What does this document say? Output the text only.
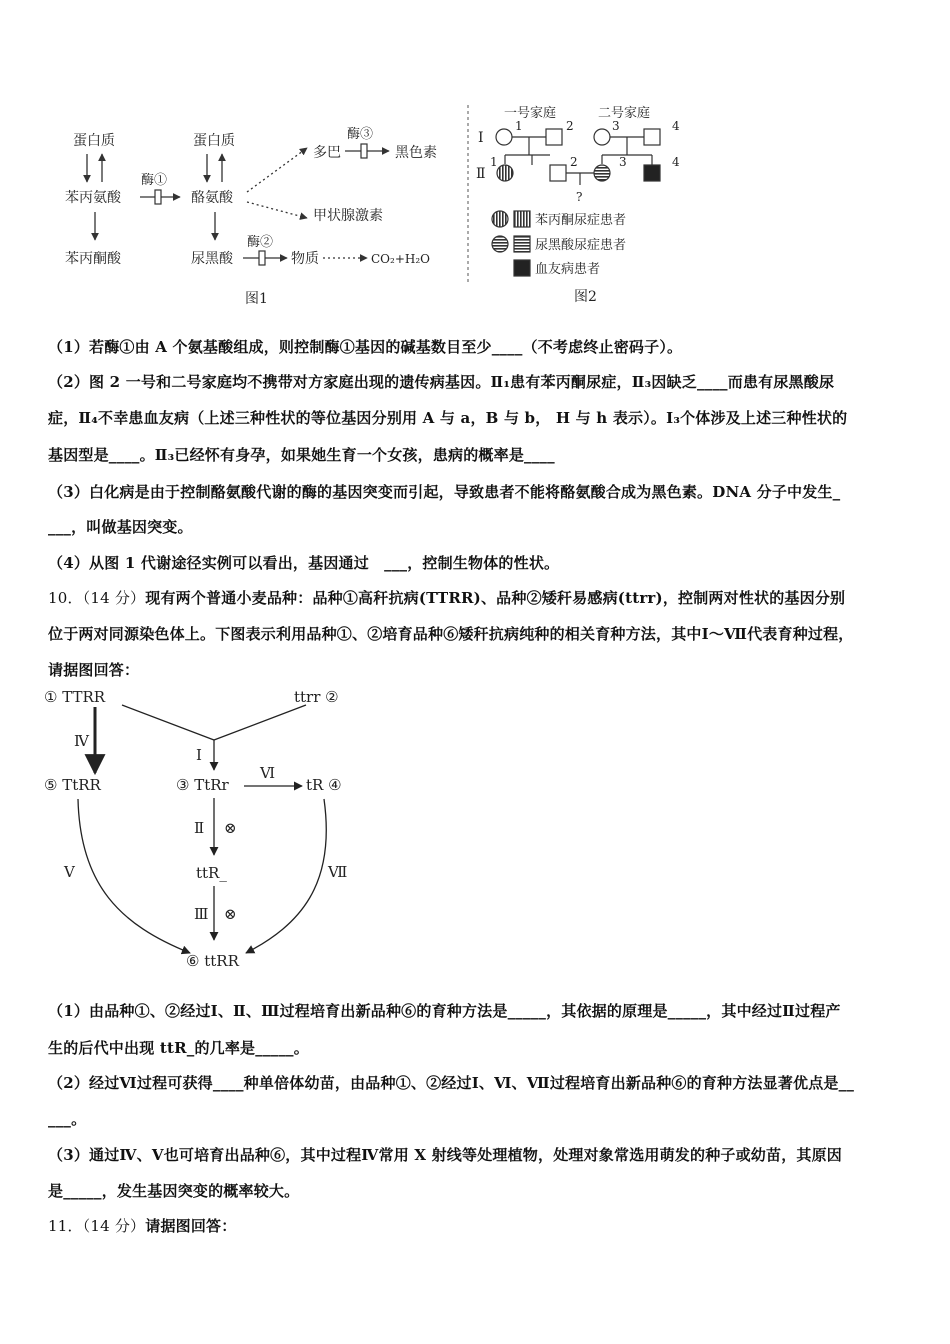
蛋白质
苯丙氨酸
苯丙酮酸
酶①
蛋白质
酪氨酸
尿黑酸
酶②
物质	CO₂+H₂O
多巴
酶③
黑色素
甲状腺激素
图1
一号家庭	二号家庭
Ⅰ
1	2	3	4
Ⅱ
1	2	3
?
4
苯丙酮尿症患者
尿黑酸尿症患者
血友病患者
图2
（1）若酶①由 A 个氨基酸组成，则控制酶①基因的碱基数目至少____（不考虑终止密码子）。
（2）图 2 一号和二号家庭均不携带对方家庭出现的遗传病基因。Ⅱ₁患有苯丙酮尿症，Ⅱ₃因缺乏____而患有尿黑酸尿
症，Ⅱ₄不幸患血友病（上述三种性状的等位基因分别用 A 与 a，B 与 b， H 与 h 表示）。I₃个体涉及上述三种性状的
基因型是____。Ⅱ₃已经怀有身孕，如果她生育一个女孩，患病的概率是____
（3）白化病是由于控制酪氨酸代谢的酶的基因突变而引起，导致患者不能将酪氨酸合成为黑色素。DNA 分子中发生_
___，叫做基因突变。
（4）从图 1 代谢途径实例可以看出，基因通过　___，控制生物体的性状。
10．（14 分）现有两个普通小麦品种：品种①高秆抗病(TTRR)、品种②矮秆易感病(ttrr)，控制两对性状的基因分别
位于两对同源染色体上。下图表示利用品种①、②培育品种⑥矮秆抗病纯种的相关育种方法，其中Ⅰ～Ⅶ代表育种过程，
请据图回答：
① TTRR	ttrr ②
Ⅰ
Ⅳ
⑤ TtRR	③ TtRr
Ⅵ
tR ④
Ⅱ ⊗
ttR_
Ⅲ ⊗
Ⅴ	Ⅶ
⑥ ttRR
（1）由品种①、②经过Ⅰ、Ⅱ、Ⅲ过程培育出新品种⑥的育种方法是_____，其依据的原理是_____，其中经过Ⅱ过程产
生的后代中出现 ttR_的几率是_____。
（2）经过Ⅵ过程可获得____种单倍体幼苗，由品种①、②经过Ⅰ、Ⅵ、Ⅶ过程培育出新品种⑥的育种方法显著优点是__
___。
（3）通过Ⅳ、Ⅴ也可培育出品种⑥，其中过程Ⅳ常用 X 射线等处理植物，处理对象常选用萌发的种子或幼苗，其原因
是_____，发生基因突变的概率较大。
11．（14 分）请据图回答：
